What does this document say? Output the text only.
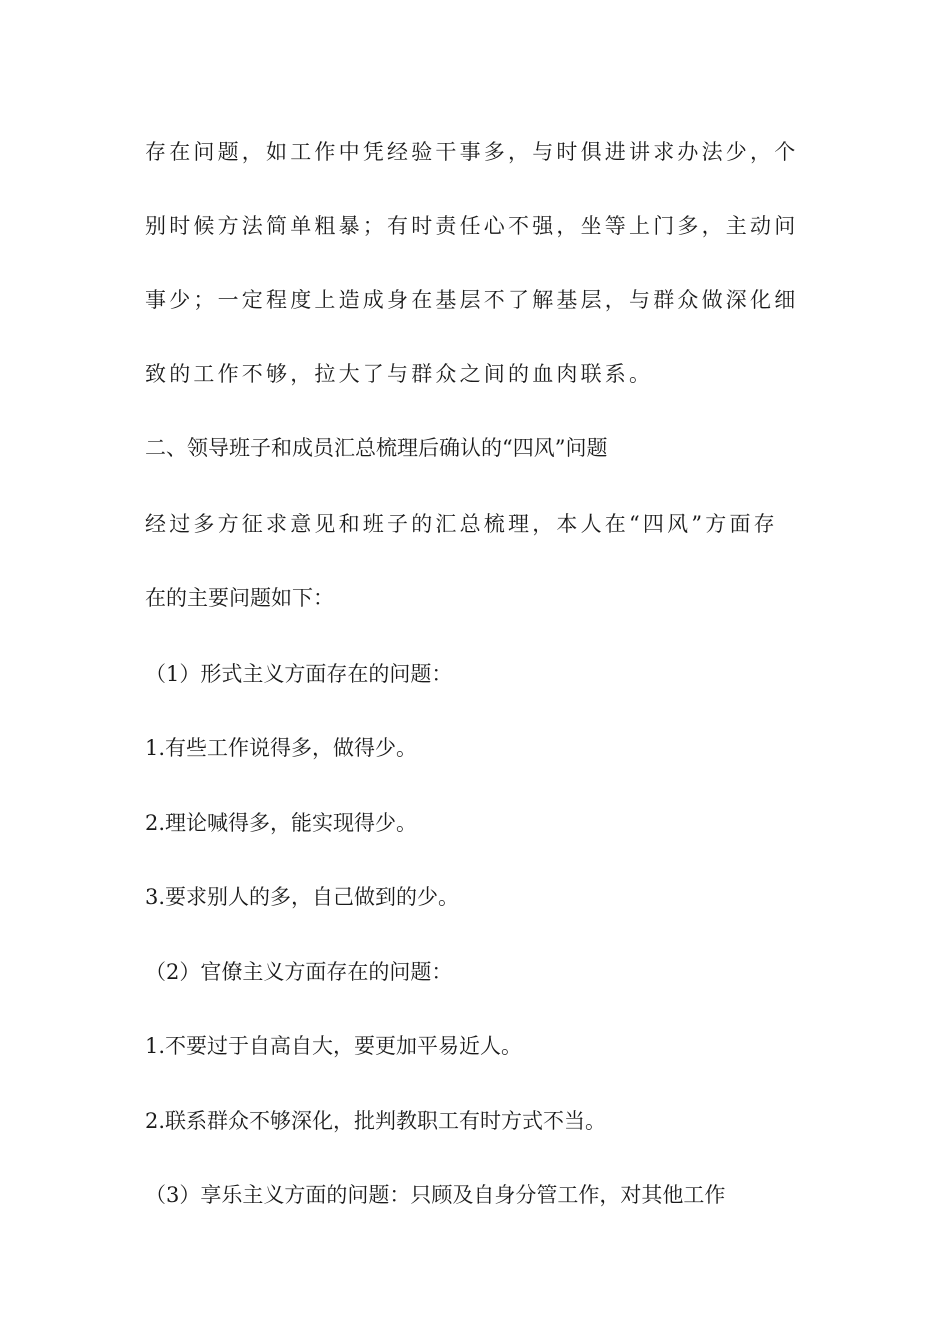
存在问题，如工作中凭经验干事多，与时俱进讲求办法少，个

别时候方法简单粗暴；有时责任心不强，坐等上门多，主动问

事少；一定程度上造成身在基层不了解基层，与群众做深化细

致的工作不够，拉大了与群众之间的血肉联系。

二、领导班子和成员汇总梳理后确认的“四风”问题

经过多方征求意见和班子的汇总梳理，本人在“四风”方面存

在的主要问题如下：

（1）形式主义方面存在的问题：

1.有些工作说得多，做得少。

2.理论喊得多，能实现得少。

3.要求别人的多，自己做到的少。

（2）官僚主义方面存在的问题：

1.不要过于自高自大，要更加平易近人。

2.联系群众不够深化，批判教职工有时方式不当。

（3）享乐主义方面的问题：只顾及自身分管工作，对其他工作
